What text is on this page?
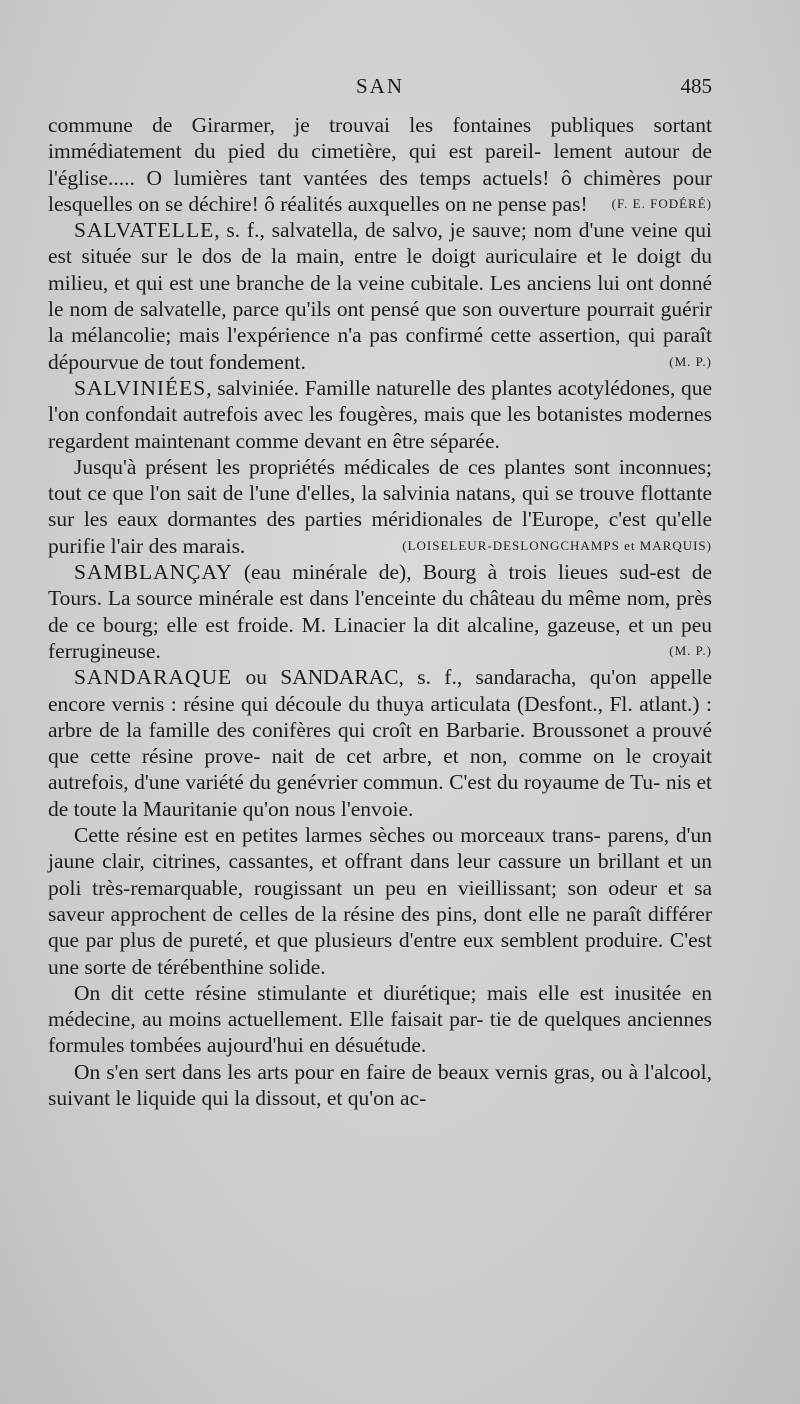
SAN	485

commune de Girarmer, je trouvai les fontaines publiques sortant immédiatement du pied du cimetière, qui est pareil- lement autour de l'église..... O lumières tant vantées des temps actuels! ô chimères pour lesquelles on se déchire! ô réalités auxquelles on ne pense pas! (F. E. FODÉRÉ)

SALVATELLE, s. f., salvatella, de salvo, je sauve; nom d'une veine qui est située sur le dos de la main, entre le doigt auriculaire et le doigt du milieu, et qui est une branche de la veine cubitale. Les anciens lui ont donné le nom de salvatelle, parce qu'ils ont pensé que son ouverture pourrait guérir la mélancolie; mais l'expérience n'a pas confirmé cette assertion, qui paraît dépourvue de tout fondement.	(M. P.)

SALVINIÉES, salviniée. Famille naturelle des plantes acotylédones, que l'on confondait autrefois avec les fougères, mais que les botanistes modernes regardent maintenant comme devant en être séparée.

Jusqu'à présent les propriétés médicales de ces plantes sont inconnues; tout ce que l'on sait de l'une d'elles, la salvinia natans, qui se trouve flottante sur les eaux dormantes des parties méridionales de l'Europe, c'est qu'elle purifie l'air des marais.	(LOISELEUR-DESLONGCHAMPS et MARQUIS)

SAMBLANÇAY (eau minérale de), Bourg à trois lieues sud-est de Tours. La source minérale est dans l'enceinte du château du même nom, près de ce bourg; elle est froide. M. Linacier la dit alcaline, gazeuse, et un peu ferrugineuse.	(M. P.)

SANDARAQUE ou SANDARAC, s. f., sandaracha, qu'on appelle encore vernis : résine qui découle du thuya articulata (Desfont., Fl. atlant.) : arbre de la famille des conifères qui croît en Barbarie. Broussonet a prouvé que cette résine prove- nait de cet arbre, et non, comme on le croyait autrefois, d'une variété du genévrier commun. C'est du royaume de Tu- nis et de toute la Mauritanie qu'on nous l'envoie.

Cette résine est en petites larmes sèches ou morceaux trans- parens, d'un jaune clair, citrines, cassantes, et offrant dans leur cassure un brillant et un poli très-remarquable, rougissant un peu en vieillissant; son odeur et sa saveur approchent de celles de la résine des pins, dont elle ne paraît différer que par plus de pureté, et que plusieurs d'entre eux semblent produire. C'est une sorte de térébenthine solide.

On dit cette résine stimulante et diurétique; mais elle est inusitée en médecine, au moins actuellement. Elle faisait par- tie de quelques anciennes formules tombées aujourd'hui en désuétude.

On s'en sert dans les arts pour en faire de beaux vernis gras, ou à l'alcool, suivant le liquide qui la dissout, et qu'on ac-
